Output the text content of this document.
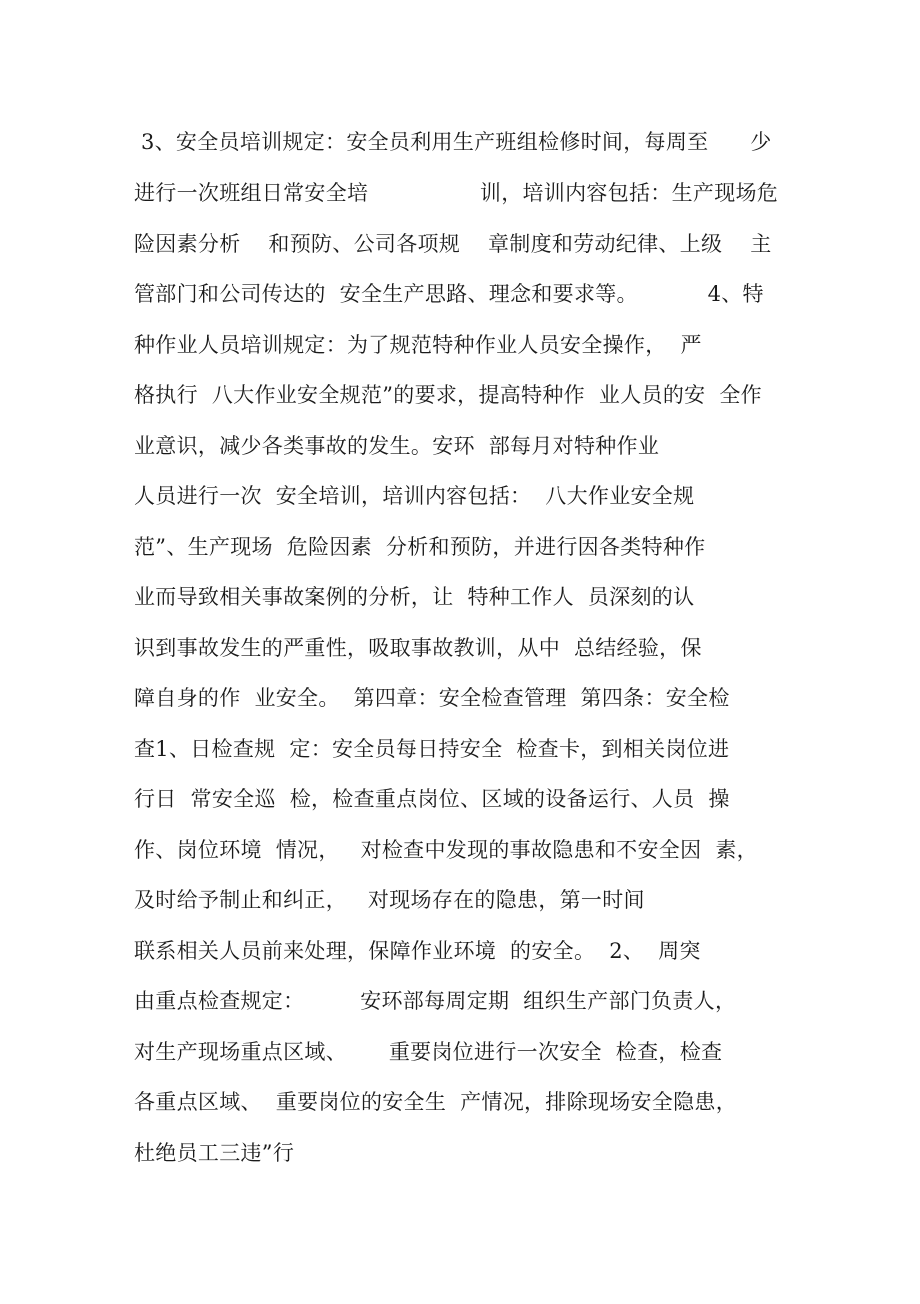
3、安全员培训规定：安全员利用生产班组检修时间，每周至      少
进行一次班组日常安全培                训，培训内容包括：生产现场危
险因素分析    和预防、公司各项规    章制度和劳动纪律、上级    主
管部门和公司传达的  安全生产思路、理念和要求等。          4、特
种作业人员培训规定：为了规范特种作业人员安全操作，  严
格执行  八大作业安全规范”的要求，提高特种作  业人员的安  全作
业意识，减少各类事故的发生。安环  部每月对特种作业
人员进行一次  安全培训，培训内容包括：  八大作业安全规
范”、生产现场  危险因素  分析和预防，并进行因各类特种作
业而导致相关事故案例的分析，让  特种工作人  员深刻的认
识到事故发生的严重性，吸取事故教训，从中  总结经验，保
障自身的作  业安全。  第四章：安全检查管理  第四条：安全检
查1、日检查规  定：安全员每日持安全  检查卡，到相关岗位进
行日  常安全巡  检，检查重点岗位、区域的设备运行、人员  操
作、岗位环境  情况，   对检查中发现的事故隐患和不安全因  素，
及时给予制止和纠正，   对现场存在的隐患，第一时间
联系相关人员前来处理，保障作业环境  的安全。  2、  周突
由重点检查规定：        安环部每周定期  组织生产部门负责人，
对生产现场重点区域、      重要岗位进行一次安全  检查，检查
各重点区域、  重要岗位的安全生  产情况，排除现场安全隐患，
杜绝员工三违”行
